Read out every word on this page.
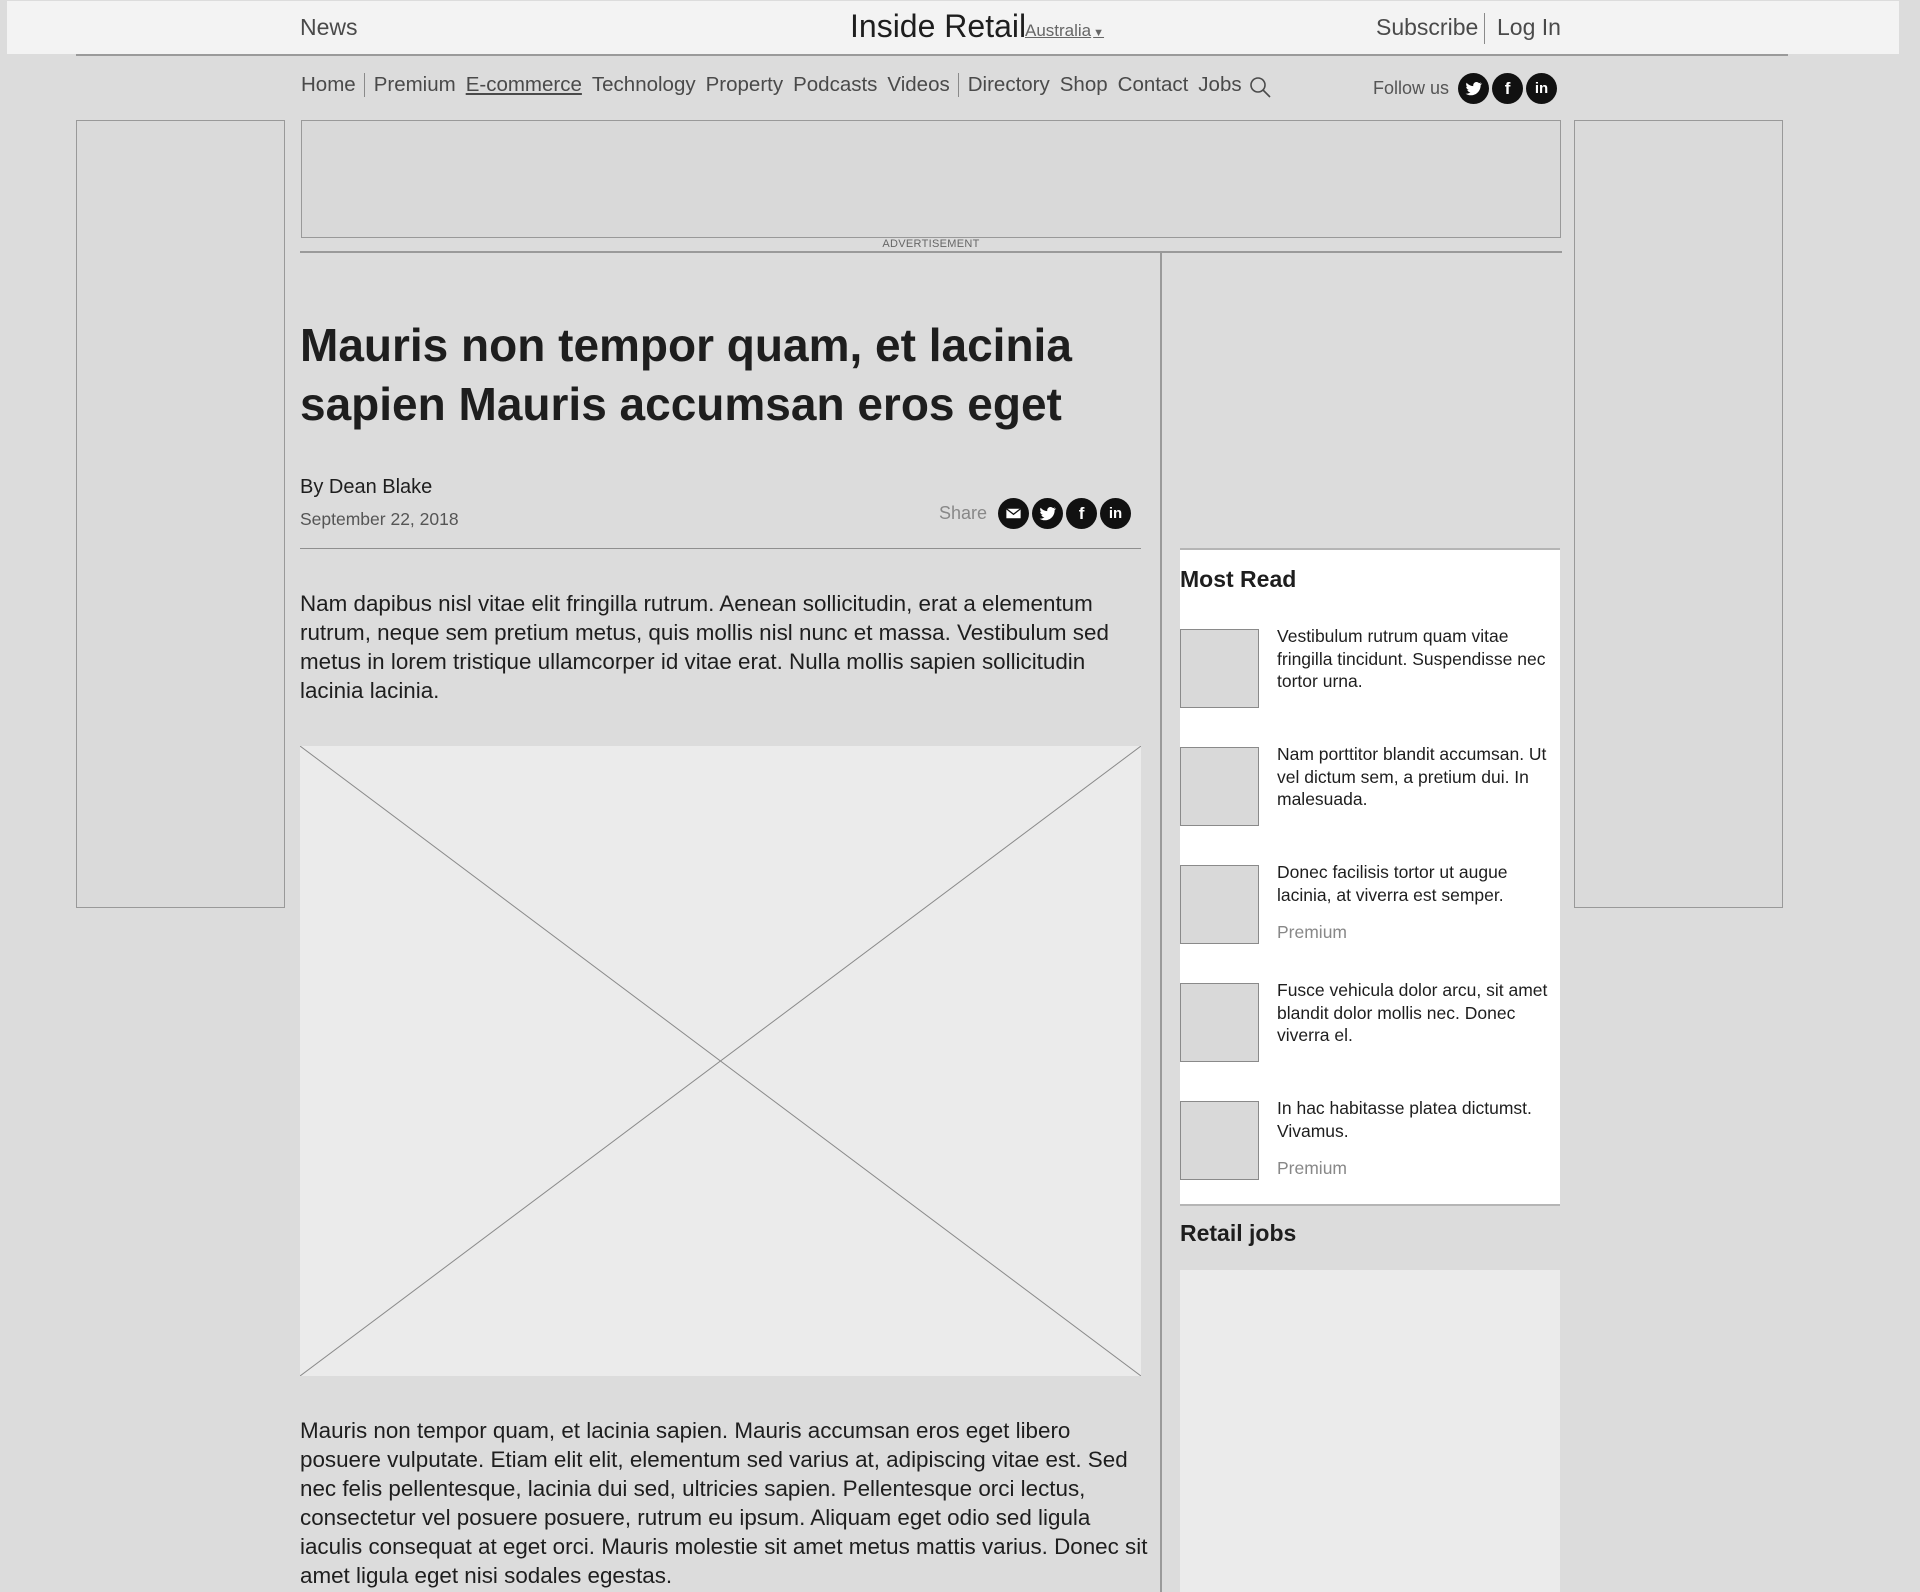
News	Inside Retail
Australia ▼	Subscribe Log In
Home Premium E-commerce Technology Property Podcasts Videos Directory Shop Contact Jobs	Follow us	f	in
ADVERTISEMENT
Mauris non tempor quam, et lacinia sapien Mauris accumsan eros eget
By Dean Blake
September 22, 2018	Share	f	in

Nam dapibus nisl vitae elit fringilla rutrum. Aenean sollicitudin, erat a elementum rutrum, neque sem pretium metus, quis mollis nisl nunc et massa. Vestibulum sed metus in lorem tristique ullamcorper id vitae erat. Nulla mollis sapien sollicitudin lacinia lacinia.

Mauris non tempor quam, et lacinia sapien. Mauris accumsan eros eget libero posuere vulputate. Etiam elit elit, elementum sed varius at, adipiscing vitae est. Sed nec felis pellentesque, lacinia dui sed, ultricies sapien. Pellentesque orci lectus, consectetur vel posuere posuere, rutrum eu ipsum. Aliquam eget odio sed ligula iaculis consequat at eget orci. Mauris molestie sit amet metus mattis varius. Donec sit amet ligula eget nisi sodales egestas.

Most Read
Vestibulum rutrum quam vitae fringilla tincidunt. Suspendisse nec tortor urna.
Nam porttitor blandit accumsan. Ut vel dictum sem, a pretium dui. In malesuada.
Donec facilisis tortor ut augue lacinia, at viverra est semper.
Premium
Fusce vehicula dolor arcu, sit amet blandit dolor mollis nec. Donec viverra el.
In hac habitasse platea dictumst. Vivamus.
Premium
Retail jobs
